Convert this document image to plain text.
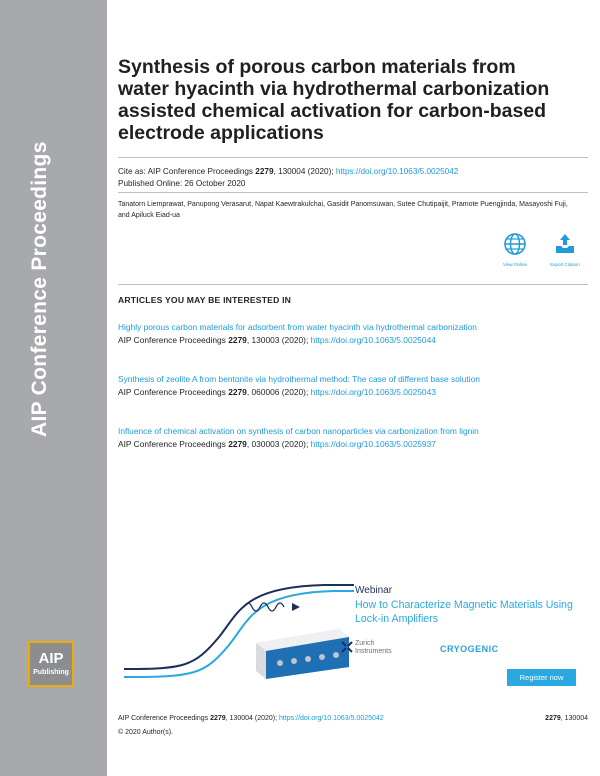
AIP Conference Proceedings
AIP
Publishing
Synthesis of porous carbon materials from water hyacinth via hydrothermal carbonization assisted chemical activation for carbon-based electrode applications
Cite as: AIP Conference Proceedings 2279, 130004 (2020); https://doi.org/10.1063/5.0025042
Published Online: 26 October 2020
Tanatorn Liemprawat, Panupong Verasarut, Napat Kaewtrakulchai, Gasidit Panomsuwan, Sutee Chutipaijit, Pramote Puengjinda, Masayoshi Fuji, and Apiluck Eiad-ua
View Online	Export Citation
ARTICLES YOU MAY BE INTERESTED IN
Highly porous carbon materials for adsorbent from water hyacinth via hydrothermal carbonization
AIP Conference Proceedings 2279, 130003 (2020); https://doi.org/10.1063/5.0025044
Synthesis of zeolite A from bentonite via hydrothermal method: The case of different base solution
AIP Conference Proceedings 2279, 060006 (2020); https://doi.org/10.1063/5.0025043
Influence of chemical activation on synthesis of carbon nanoparticles via carbonization from lignin
AIP Conference Proceedings 2279, 030003 (2020); https://doi.org/10.1063/5.0025937
Webinar
How to Characterize Magnetic Materials Using Lock-in Amplifiers
Zurich
Instruments	CRYOGENIC
Register now
AIP Conference Proceedings 2279, 130004 (2020); https://doi.org/10.1063/5.0025042	2279, 130004
© 2020 Author(s).
